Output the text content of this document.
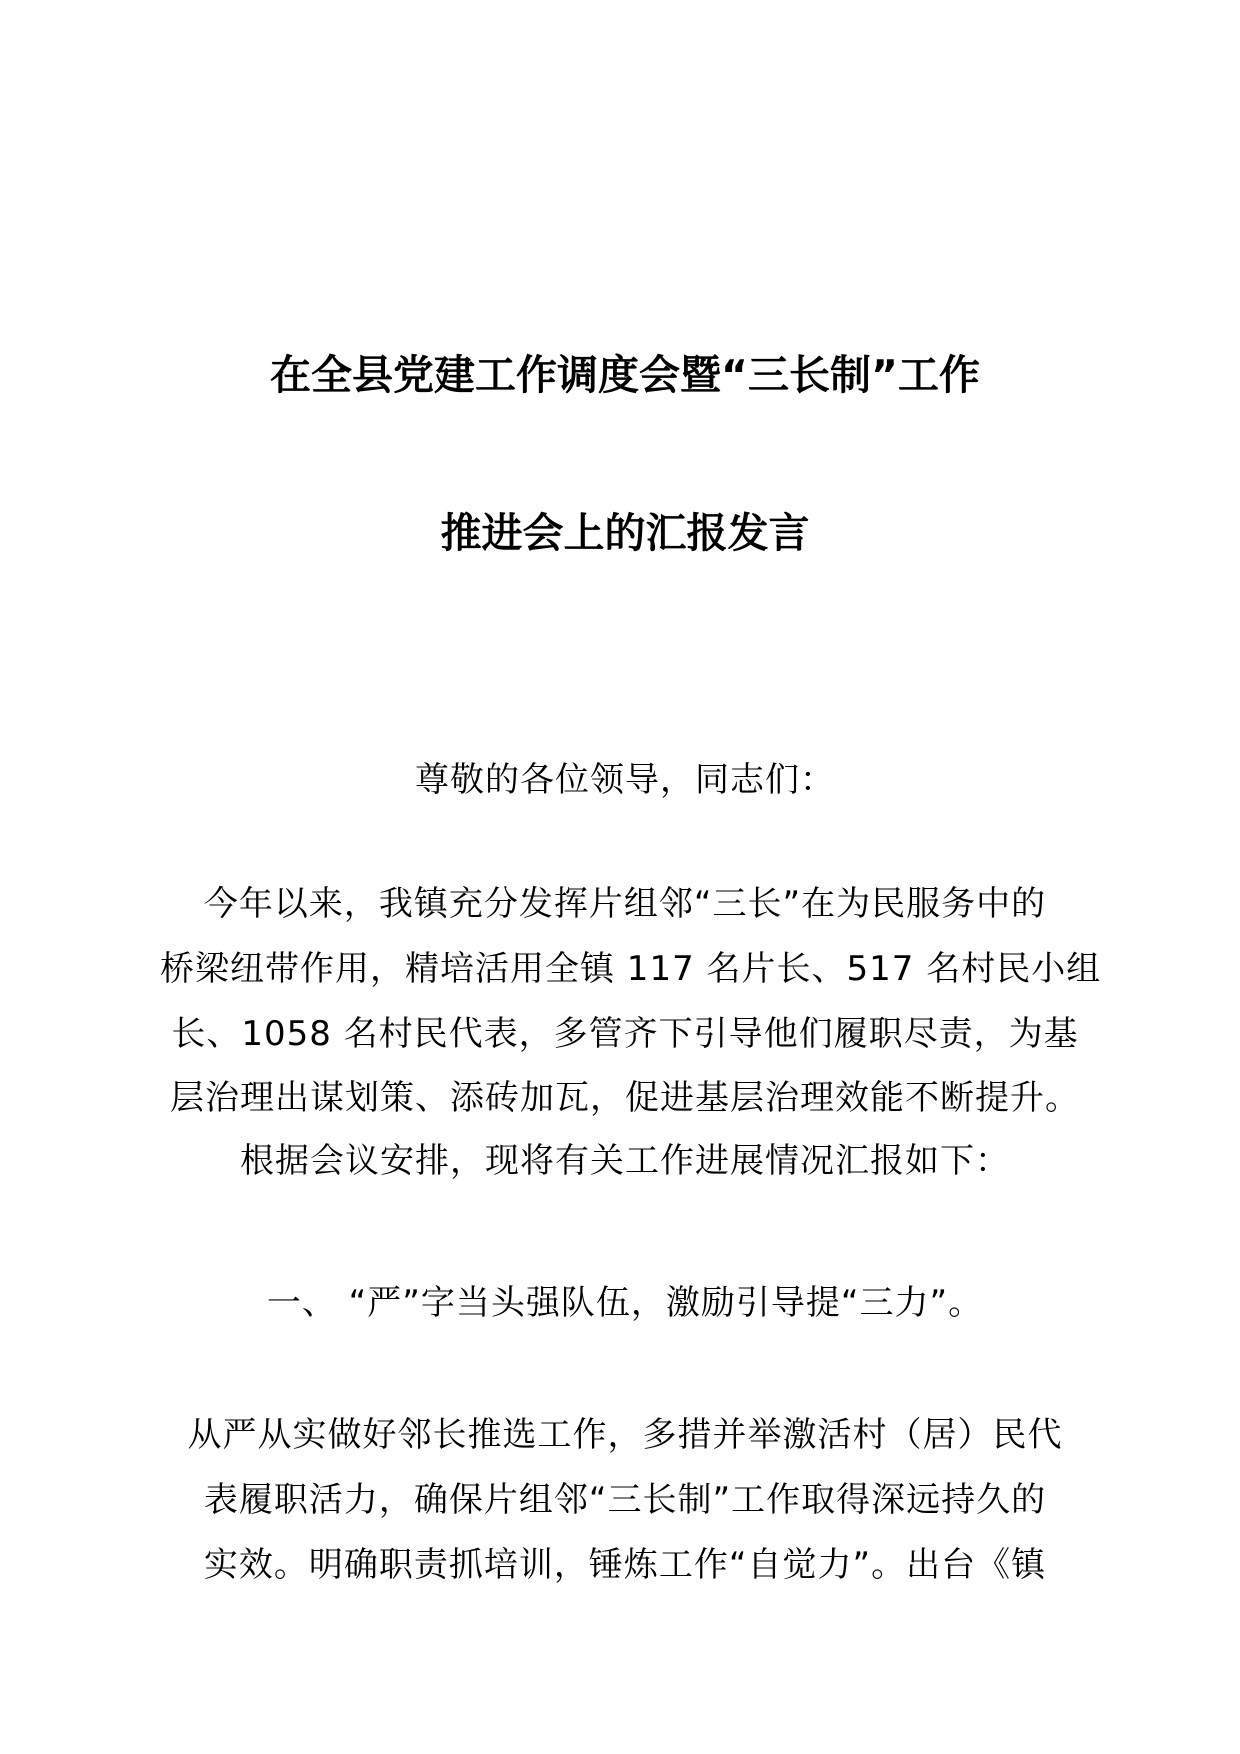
在全县党建工作调度会暨“三长制”工作
推进会上的汇报发言
尊敬的各位领导，同志们：
今年以来，我镇充分发挥片组邻“三长”在为民服务中的
桥梁纽带作用，精培活用全镇 117 名片长、517 名村民小组
长、1058 名村民代表，多管齐下引导他们履职尽责，为基
层治理出谋划策、添砖加瓦，促进基层治理效能不断提升。
根据会议安排，现将有关工作进展情况汇报如下：
一、 “严”字当头强队伍，激励引导提“三力”。
从严从实做好邻长推选工作，多措并举激活村（居）民代
表履职活力，确保片组邻“三长制”工作取得深远持久的
实效。明确职责抓培训，锤炼工作“自觉力”。出台《镇
